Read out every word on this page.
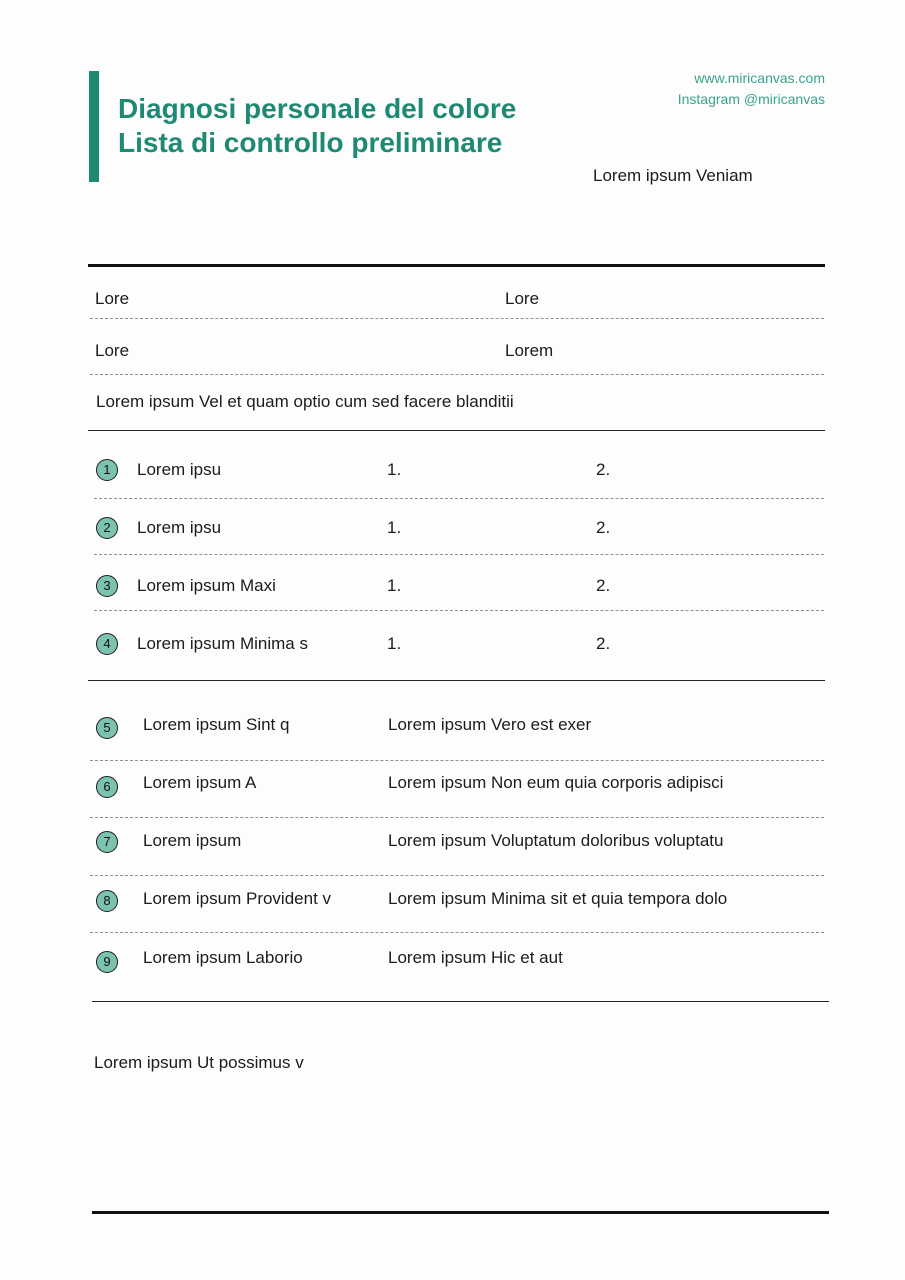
Diagnosi personale del colore
Lista di controllo preliminare
www.miricanvas.com
Instagram @miricanvas
Lorem ipsum Veniam
Lore	Lore
Lore	Lorem
Lorem ipsum Vel et quam optio cum sed facere blanditii
1	Lorem ipsu	1.	2.
2	Lorem ipsu	1.	2.
3	Lorem ipsum Maxi	1.	2.
4	Lorem ipsum Minima s	1.	2.
5	Lorem ipsum Sint q	Lorem ipsum Vero est exer
6	Lorem ipsum A	Lorem ipsum Non eum quia corporis adipisci
7	Lorem ipsum	Lorem ipsum Voluptatum doloribus voluptatu
8	Lorem ipsum Provident v	Lorem ipsum Minima sit et quia tempora dolo
9	Lorem ipsum Laborio	Lorem ipsum Hic et aut
Lorem ipsum Ut possimus v
